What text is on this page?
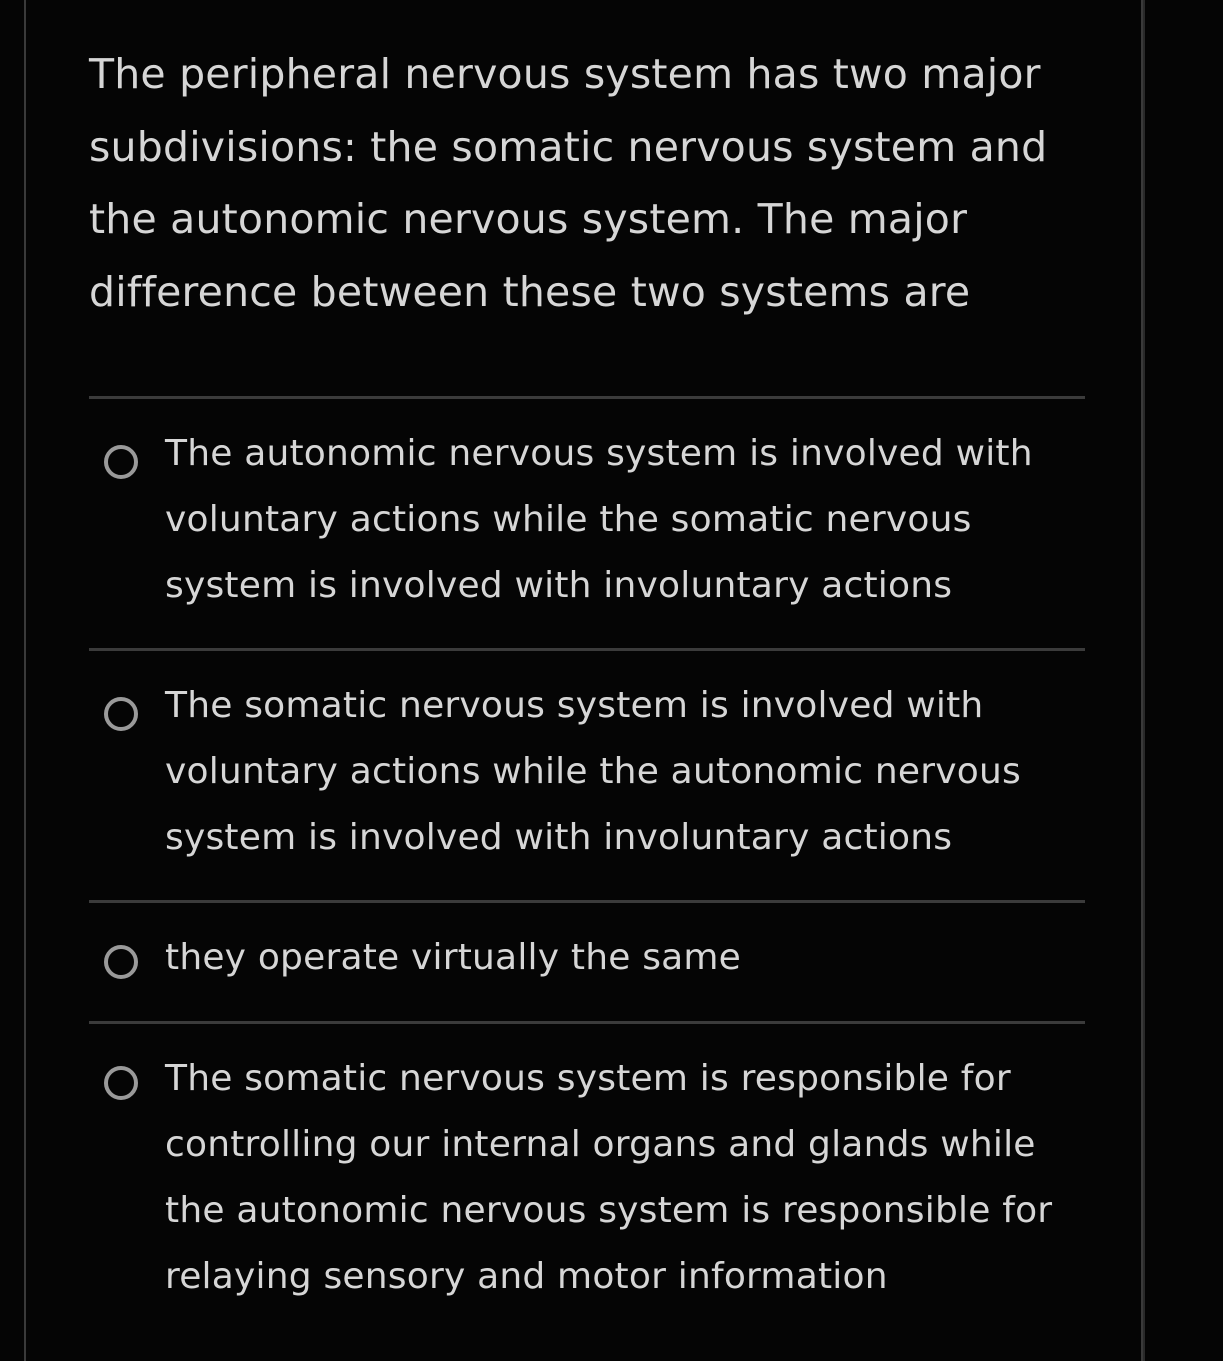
The peripheral nervous system has two major
subdivisions: the somatic nervous system and
the autonomic nervous system. The major
difference between these two systems are

The autonomic nervous system is involved with
voluntary actions while the somatic nervous
system is involved with involuntary actions

The somatic nervous system is involved with
voluntary actions while the autonomic nervous
system is involved with involuntary actions

they operate virtually the same

The somatic nervous system is responsible for
controlling our internal organs and glands while
the autonomic nervous system is responsible for
relaying sensory and motor information
